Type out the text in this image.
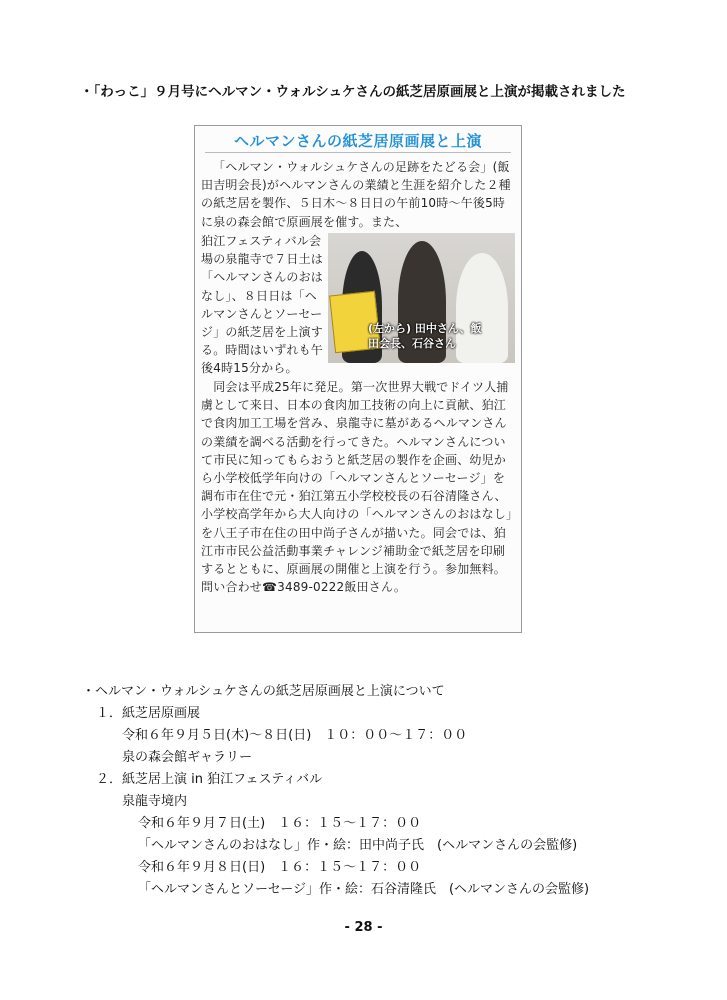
・「わっこ」９月号にヘルマン・ウォルシュケさんの紙芝居原画展と上演が掲載されました
ヘルマンさんの紙芝居原画展と上演
「ヘルマン・ウォルシュケさんの足跡をたどる会」(飯田吉明会長)がヘルマンさんの業績と生涯を紹介した２種の紙芝居を製作、５日木〜８日日の午前10時〜午後5時に泉の森会館で原画展を催す。また、
狛江フェスティバル会場の泉龍寺で７日土は「ヘルマンさんのおはなし」、８日日は「ヘルマンさんとソーセージ」の紙芝居を上演する。時間はいずれも午後4時15分から。
(左から) 田中さん、飯田会長、石谷さん
　同会は平成25年に発足。第一次世界大戦でドイツ人捕虜として来日、日本の食肉加工技術の向上に貢献、狛江で食肉加工工場を営み、泉龍寺に墓があるヘルマンさんの業績を調べる活動を行ってきた。ヘルマンさんについて市民に知ってもらおうと紙芝居の製作を企画、幼児から小学校低学年向けの「ヘルマンさんとソーセージ」を調布市在住で元・狛江第五小学校校長の石谷清隆さん、小学校高学年から大人向けの「ヘルマンさんのおはなし」を八王子市在住の田中尚子さんが描いた。同会では、狛江市市民公益活動事業チャレンジ補助金で紙芝居を印刷するとともに、原画展の開催と上演を行う。参加無料。　問い合わせ☎3489-0222飯田さん。
・ヘルマン・ウォルシュケさんの紙芝居原画展と上演について
１．紙芝居原画展
令和６年９月５日(木)〜８日(日)　１０：００〜１７：００
泉の森会館ギャラリー
２．紙芝居上演 in 狛江フェスティバル
泉龍寺境内
令和６年９月７日(土)　１６：１５〜１７：００
「ヘルマンさんのおはなし」作・絵：田中尚子氏　(ヘルマンさんの会監修)
令和６年９月８日(日)　１６：１５〜１７：００
「ヘルマンさんとソーセージ」作・絵：石谷清隆氏　(ヘルマンさんの会監修)
- 28 -
